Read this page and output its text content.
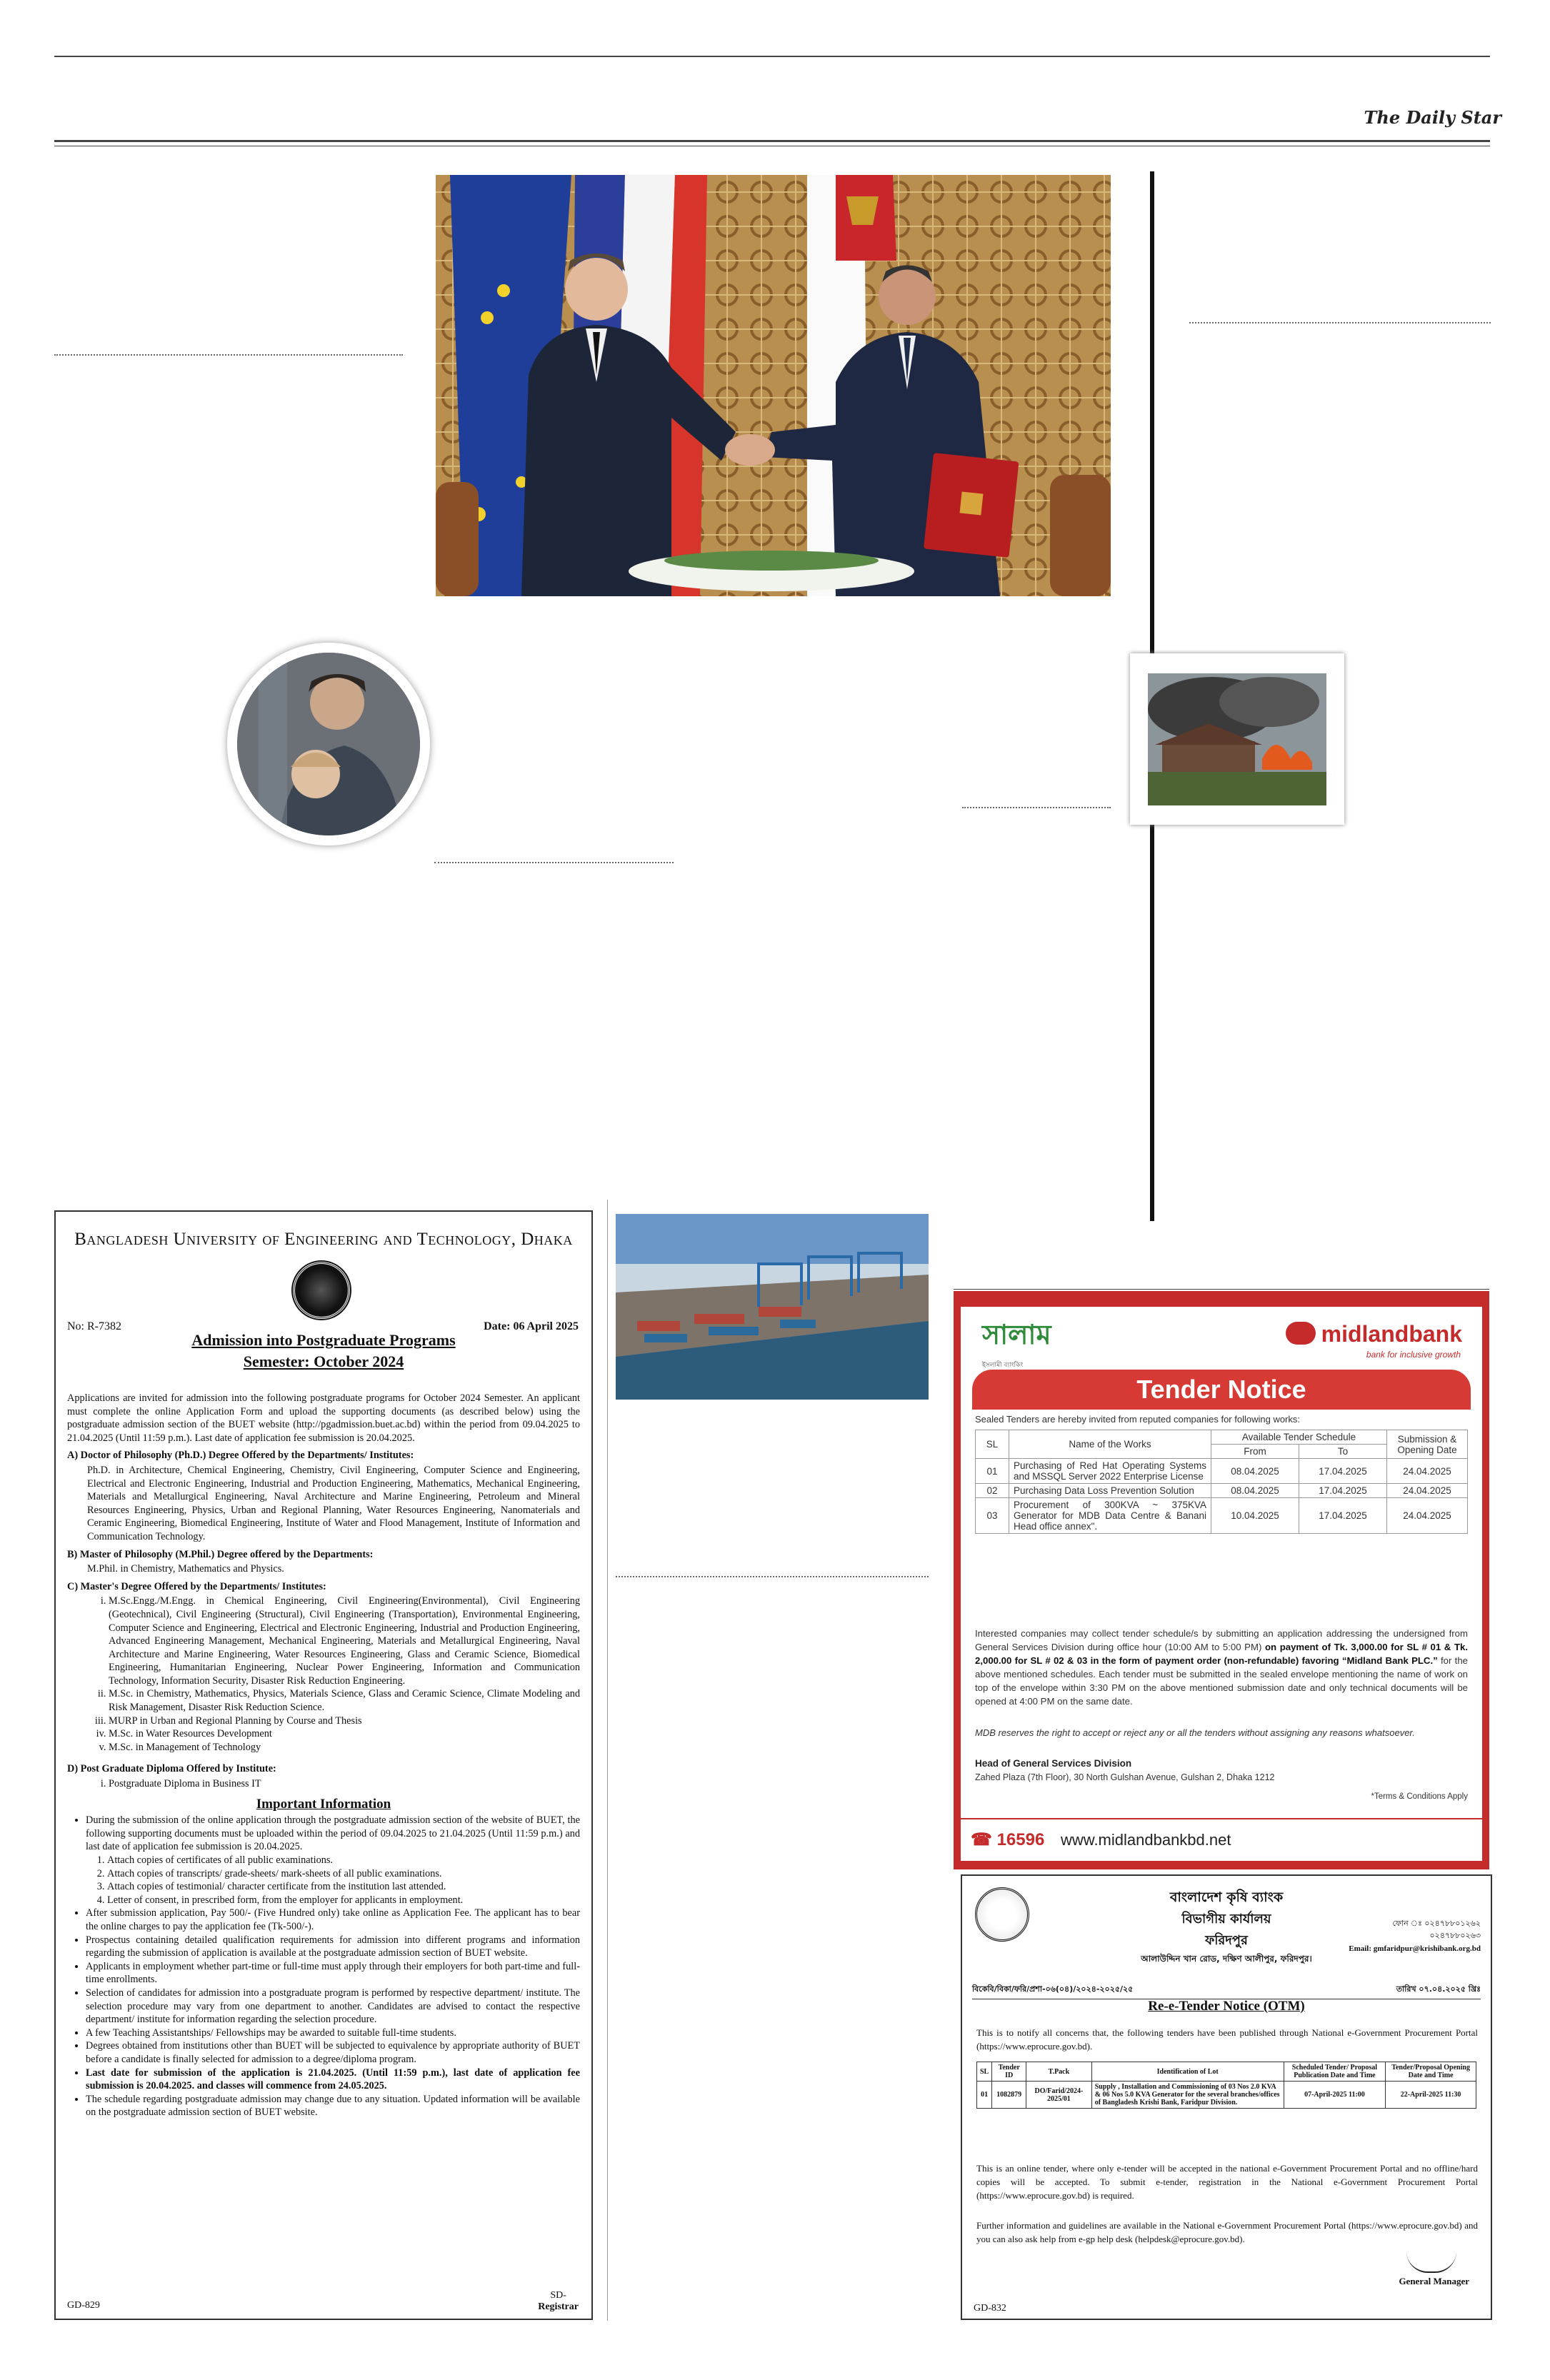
The Daily Star
Bangladesh University of Engineering and Technology, Dhaka
No: R-7382	Date: 06 April 2025
Admission into Postgraduate Programs
Semester: October 2024

Applications are invited for admission into the following postgraduate programs for October 2024 Semester. An applicant must complete the online Application Form and upload the supporting documents (as described below) using the postgraduate admission section of the BUET website (http://pgadmission.buet.ac.bd) within the period from 09.04.2025 to 21.04.2025 (Until 11:59 p.m.). Last date of application fee submission is 20.04.2025.

A) Doctor of Philosophy (Ph.D.) Degree Offered by the Departments/ Institutes:
Ph.D. in Architecture, Chemical Engineering, Chemistry, Civil Engineering, Computer Science and Engineering, Electrical and Electronic Engineering, Industrial and Production Engineering, Mathematics, Mechanical Engineering, Materials and Metallurgical Engineering, Naval Architecture and Marine Engineering, Petroleum and Mineral Resources Engineering, Physics, Urban and Regional Planning, Water Resources Engineering, Nanomaterials and Ceramic Engineering, Biomedical Engineering, Institute of Water and Flood Management, Institute of Information and Communication Technology.
B) Master of Philosophy (M.Phil.) Degree offered by the Departments:
M.Phil. in Chemistry, Mathematics and Physics.
C) Master's Degree Offered by the Departments/ Institutes:
i. M.Sc.Engg./M.Engg. in Chemical Engineering, Civil Engineering(Environmental), Civil Engineering (Geotechnical), Civil Engineering (Structural), Civil Engineering (Transportation), Environmental Engineering, Computer Science and Engineering, Electrical and Electronic Engineering, Industrial and Production Engineering, Advanced Engineering Management, Mechanical Engineering, Materials and Metallurgical Engineering, Naval Architecture and Marine Engineering, Water Resources Engineering, Glass and Ceramic Science, Biomedical Engineering, Humanitarian Engineering, Nuclear Power Engineering, Information and Communication Technology, Information Security, Disaster Risk Reduction Engineering.
ii. M.Sc. in Chemistry, Mathematics, Physics, Materials Science, Glass and Ceramic Science, Climate Modeling and Risk Management, Disaster Risk Reduction Science.
iii. MURP in Urban and Regional Planning by Course and Thesis
iv. M.Sc. in Water Resources Development
v. M.Sc. in Management of Technology
D) Post Graduate Diploma Offered by Institute:
i. Postgraduate Diploma in Business IT
Important Information
• During the submission of the online application through the postgraduate admission section of the website of BUET, the following supporting documents must be uploaded within the period of 09.04.2025 to 21.04.2025 (Until 11:59 p.m.) and last date of application fee submission is 20.04.2025.
1. Attach copies of certificates of all public examinations.
2. Attach copies of transcripts/ grade-sheets/ mark-sheets of all public examinations.
3. Attach copies of testimonial/ character certificate from the institution last attended.
4. Letter of consent, in prescribed form, from the employer for applicants in employment.
• After submission application, Pay 500/- (Five Hundred only) take online as Application Fee. The applicant has to bear the online charges to pay the application fee (Tk-500/-).
• Prospectus containing detailed qualification requirements for admission into different programs and information regarding the submission of application is available at the postgraduate admission section of BUET website.
• Applicants in employment whether part-time or full-time must apply through their employers for both part-time and full-time enrollments.
• Selection of candidates for admission into a postgraduate program is performed by respective department/ institute. The selection procedure may vary from one department to another. Candidates are advised to contact the respective department/ institute for information regarding the selection procedure.
• A few Teaching Assistantships/ Fellowships may be awarded to suitable full-time students.
• Degrees obtained from institutions other than BUET will be subjected to equivalence by appropriate authority of BUET before a candidate is finally selected for admission to a degree/diploma program.
• Last date for submission of the application is 21.04.2025. (Until 11:59 p.m.), last date of application fee submission is 20.04.2025. and classes will commence from 24.05.2025.
• The schedule regarding postgraduate admission may change due to any situation. Updated information will be available on the postgraduate admission section of BUET website.
GD-829
SD-
Registrar
সালাম
ইসলামী ব্যাংকিং
midlandbank
bank for inclusive growth
Tender Notice
Sealed Tenders are hereby invited from reputed companies for following works:
SL	Name of the Works	Available Tender Schedule		Submission & Opening Date
		From	To	
01	Purchasing of Red Hat Operating Systems and MSSQL Server 2022 Enterprise License	08.04.2025	17.04.2025	24.04.2025
02	Purchasing Data Loss Prevention Solution	08.04.2025	17.04.2025	24.04.2025
03	Procurement of 300KVA ~ 375KVA Generator for MDB Data Centre & Banani Head office annex".	10.04.2025	17.04.2025	24.04.2025
Interested companies may collect tender schedule/s by submitting an application addressing the undersigned from General Services Division during office hour (10:00 AM to 5:00 PM) on payment of Tk. 3,000.00 for SL # 01 & Tk. 2,000.00 for SL # 02 & 03 in the form of payment order (non-refundable) favoring “Midland Bank PLC.” for the above mentioned schedules. Each tender must be submitted in the sealed envelope mentioning the name of work on top of the envelope within 3:30 PM on the above mentioned submission date and only technical documents will be opened at 4:00 PM on the same date.
MDB reserves the right to accept or reject any or all the tenders without assigning any reasons whatsoever.
Head of General Services Division
Zahed Plaza (7th Floor), 30 North Gulshan Avenue, Gulshan 2, Dhaka 1212
*Terms & Conditions Apply
☎ 16596 www.midlandbankbd.net
বাংলাদেশ কৃষি ব্যাংক
বিভাগীয় কার্যালয়
ফরিদপুর
আলাউদ্দিন খান রোড, দক্ষিণ আলীপুর, ফরিদপুর।
ফোন ঃ ০২৪৭৮৮০১২৬২
০২৪৭৮৮০২৬৩
Email: gmfaridpur@krishibank.org.bd
তারিখ ০৭.০৪.২০২৫ খ্রিঃ
বিকেবি/বিকা/ফরি/প্রশা-০৬(০৪)/২০২৪-২০২৫/২৫
Re-e-Tender Notice (OTM)
This is to notify all concerns that, the following tenders have been published through National e-Government Procurement Portal (https://www.eprocure.gov.bd).
SL	Tender ID	T.Pack	Identification of Lot	Scheduled Tender/ Proposal Publication Date and Time	Tender/Proposal Opening Date and Time
01	1082879	DO/Farid/2024-2025/01	Supply , Installation and Commissioning of 03 Nos 2.0 KVA & 06 Nos 5.0 KVA Generator for the several branches/offices of Bangladesh Krishi Bank, Faridpur Division.	07-April-2025 11:00	22-April-2025 11:30
This is an online tender, where only e-tender will be accepted in the national e-Government Procurement Portal and no offline/hard copies will be accepted. To submit e-tender, registration in the National e-Government Procurement Portal (https://www.eprocure.gov.bd) is required.
Further information and guidelines are available in the National e-Government Procurement Portal (https://www.eprocure.gov.bd) and you can also ask help from e-gp help desk (helpdesk@eprocure.gov.bd).
General Manager
GD-832
